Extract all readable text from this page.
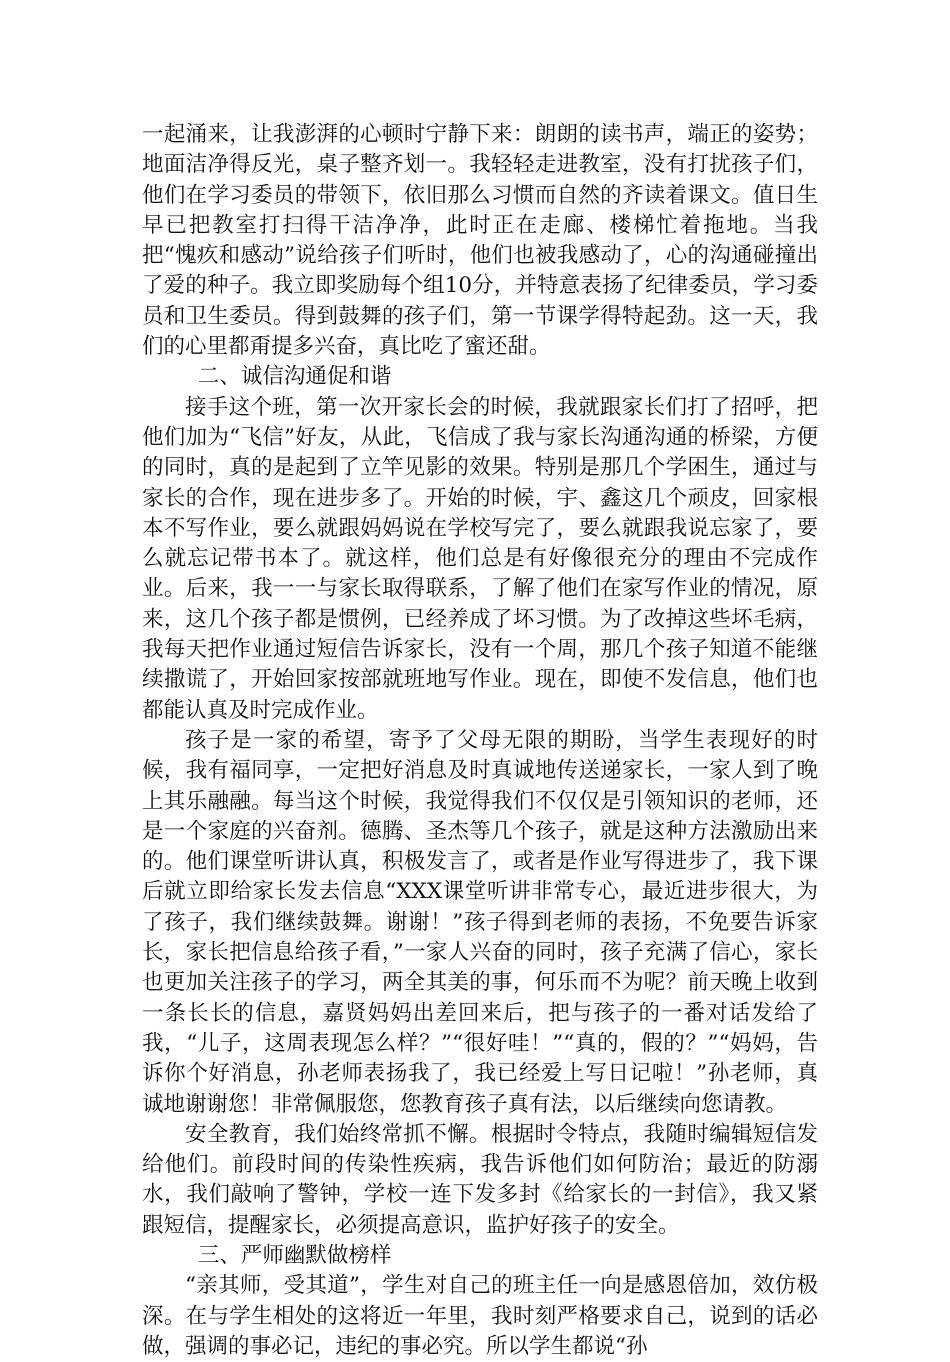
一起涌来，让我澎湃的心顿时宁静下来：朗朗的读书声，端正的姿势；地面洁净得反光，桌子整齐划一。我轻轻走进教室，没有打扰孩子们，他们在学习委员的带领下，依旧那么习惯而自然的齐读着课文。值日生早已把教室打扫得干洁净净，此时正在走廊、楼梯忙着拖地。当我把“愧疚和感动”说给孩子们听时，他们也被我感动了，心的沟通碰撞出了爱的种子。我立即奖励每个组10分，并特意表扬了纪律委员，学习委员和卫生委员。得到鼓舞的孩子们，第一节课学得特起劲。这一天，我们的心里都甭提多兴奋，真比吃了蜜还甜。

二、诚信沟通促和谐

接手这个班，第一次开家长会的时候，我就跟家长们打了招呼，把他们加为“飞信”好友，从此，飞信成了我与家长沟通沟通的桥梁，方便的同时，真的是起到了立竿见影的效果。特别是那几个学困生，通过与家长的合作，现在进步多了。开始的时候，宇、鑫这几个顽皮，回家根本不写作业，要么就跟妈妈说在学校写完了，要么就跟我说忘家了，要么就忘记带书本了。就这样，他们总是有好像很充分的理由不完成作业。后来，我一一与家长取得联系，了解了他们在家写作业的情况，原来，这几个孩子都是惯例，已经养成了坏习惯。为了改掉这些坏毛病，我每天把作业通过短信告诉家长，没有一个周，那几个孩子知道不能继续撒谎了，开始回家按部就班地写作业。现在，即使不发信息，他们也都能认真及时完成作业。

孩子是一家的希望，寄予了父母无限的期盼，当学生表现好的时候，我有福同享，一定把好消息及时真诚地传送递家长，一家人到了晚上其乐融融。每当这个时候，我觉得我们不仅仅是引领知识的老师，还是一个家庭的兴奋剂。德腾、圣杰等几个孩子，就是这种方法激励出来的。他们课堂听讲认真，积极发言了，或者是作业写得进步了，我下课后就立即给家长发去信息“XXX课堂听讲非常专心，最近进步很大，为了孩子，我们继续鼓舞。谢谢！”孩子得到老师的表扬，不免要告诉家长，家长把信息给孩子看，”一家人兴奋的同时，孩子充满了信心，家长也更加关注孩子的学习，两全其美的事，何乐而不为呢？前天晚上收到一条长长的信息，嘉贤妈妈出差回来后，把与孩子的一番对话发给了我，“儿子，这周表现怎么样？”“很好哇！”“真的，假的？”“妈妈，告诉你个好消息，孙老师表扬我了，我已经爱上写日记啦！”孙老师，真诚地谢谢您！非常佩服您，您教育孩子真有法，以后继续向您请教。

安全教育，我们始终常抓不懈。根据时令特点，我随时编辑短信发给他们。前段时间的传染性疾病，我告诉他们如何防治；最近的防溺水，我们敲响了警钟，学校一连下发多封《给家长的一封信》，我又紧跟短信，提醒家长，必须提高意识，监护好孩子的安全。

三、严师幽默做榜样

“亲其师，受其道”，学生对自己的班主任一向是感恩倍加，效仿极深。在与学生相处的这将近一年里，我时刻严格要求自己，说到的话必做，强调的事必记，违纪的事必究。所以学生都说“孙
